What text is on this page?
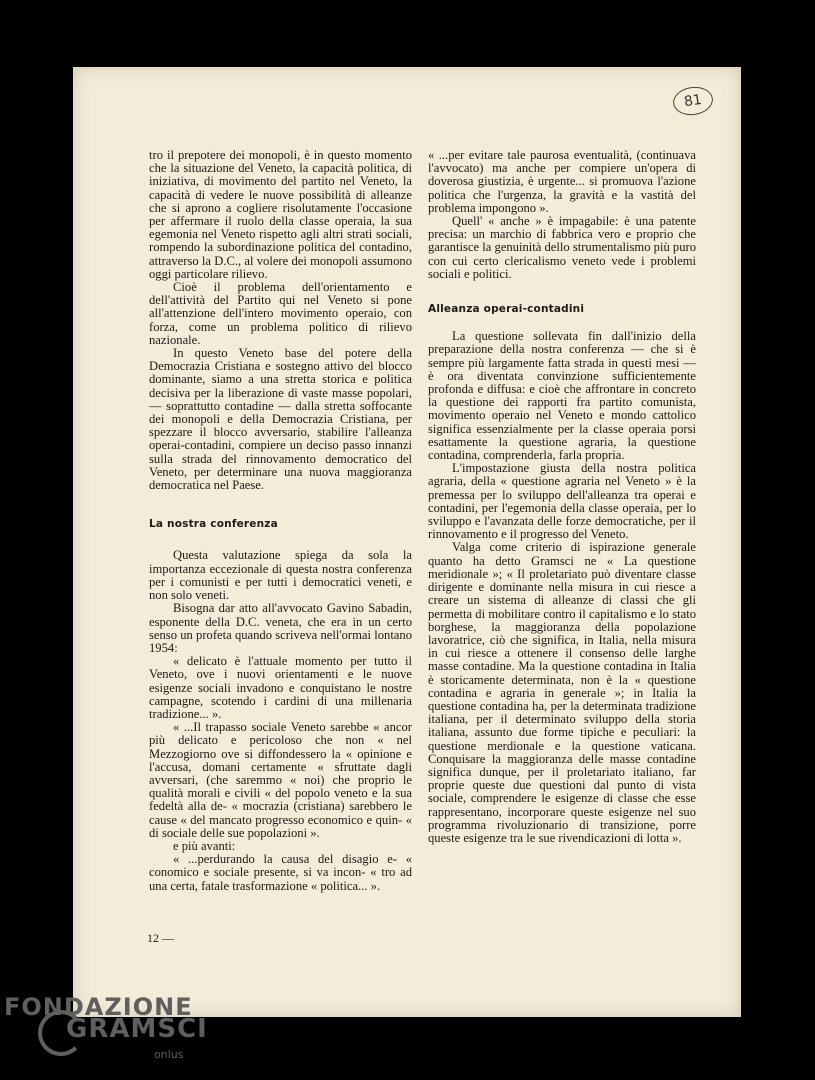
81

tro il prepotere dei monopoli, è in questo momento che la situazione del Veneto, la capacità politica, di iniziativa, di movimento del partito nel Veneto, la capacità di vedere le nuove possibilità di alleanze che si aprono a cogliere risolutamente l'occasione per affermare il ruolo della classe operaia, la sua egemonia nel Veneto rispetto agli altri strati sociali, rompendo la subordinazione politica del contadino, attraverso la D.C., al volere dei monopoli assumono oggi particolare rilievo.

Cioè il problema dell'orientamento e dell'attività del Partito qui nel Veneto si pone all'attenzione dell'intero movimento operaio, con forza, come un problema politico di rilievo nazionale.

In questo Veneto base del potere della Democrazia Cristiana e sostegno attivo del blocco dominante, siamo a una stretta storica e politica decisiva per la liberazione di vaste masse popolari, — soprattutto contadine — dalla stretta soffocante dei monopoli e della Democrazia Cristiana, per spezzare il blocco avversario, stabilire l'alleanza operai-contadini, compiere un deciso passo innanzi sulla strada del rinnovamento democratico del Veneto, per determinare una nuova maggioranza democratica nel Paese.

La nostra conferenza

Questa valutazione spiega da sola la importanza eccezionale di questa nostra conferenza per i comunisti e per tutti i democratici veneti, e non solo veneti.

Bisogna dar atto all'avvocato Gavino Sabadin, esponente della D.C. veneta, che era in un certo senso un profeta quando scriveva nell'ormai lontano 1954:

« delicato è l'attuale momento per tutto il Veneto, ove i nuovi orientamenti e le nuove esigenze sociali invadono e conquistano le nostre campagne, scotendo i cardini di una millenaria tradizione... ».

« ...Il trapasso sociale Veneto sarebbe « ancor più delicato e pericoloso che non « nel Mezzogiorno ove si diffondessero la « opinione e l'accusa, domani certamente « sfruttate dagli avversari, (che saremmo « noi) che proprio le qualità morali e civili « del popolo veneto e la sua fedeltà alla de- « mocrazia (cristiana) sarebbero le cause « del mancato progresso economico e quin- « di sociale delle sue popolazioni ».

e più avanti:

« ...perdurando la causa del disagio e- « conomico e sociale presente, si va incon- « tro ad una certa, fatale trasformazione « politica... ».

« ...per evitare tale paurosa eventualità, (continuava l'avvocato) ma anche per compiere un'opera di doverosa giustizia, è urgente... si promuova l'azione politica che l'urgenza, la gravità e la vastità del problema impongono ».

Quell' « anche » è impagabile: è una patente precisa: un marchio di fabbrica vero e proprio che garantisce la genuinità dello strumentalismo più puro con cui certo clericalismo veneto vede i problemi sociali e politici.

Alleanza operai-contadini

La questione sollevata fin dall'inizio della preparazione della nostra conferenza — che si è sempre più largamente fatta strada in questi mesi — è ora diventata convinzione sufficientemente profonda e diffusa: e cioè che affrontare in concreto la questione dei rapporti fra partito comunista, movimento operaio nel Veneto e mondo cattolico significa essenzialmente per la classe operaia porsi esattamente la questione agraria, la questione contadina, comprenderla, farla propria.

L'impostazione giusta della nostra politica agraria, della « questione agraria nel Veneto » è la premessa per lo sviluppo dell'alleanza tra operai e contadini, per l'egemonia della classe operaia, per lo sviluppo e l'avanzata delle forze democratiche, per il rinnovamento e il progresso del Veneto.

Valga come criterio di ispirazione generale quanto ha detto Gramsci ne « La questione meridionale »; « Il proletariato può diventare classe dirigente e dominante nella misura in cui riesce a creare un sistema di alleanze di classi che gli permetta di mobilitare contro il capitalismo e lo stato borghese, la maggioranza della popolazione lavoratrice, ciò che significa, in Italia, nella misura in cui riesce a ottenere il consenso delle larghe masse contadine. Ma la questione contadina in Italia è storicamente determinata, non è la « questione contadina e agraria in generale »; in Italia la questione contadina ha, per la determinata tradizione italiana, per il determinato sviluppo della storia italiana, assunto due forme tipiche e peculiari: la questione merdionale e la questione vaticana. Conquisare la maggioranza delle masse contadine significa dunque, per il proletariato italiano, far proprie queste due questioni dal punto di vista sociale, comprendere le esigenze di classe che esse rappresentano, incorporare queste esigenze nel suo programma rivoluzionario di transizione, porre queste esigenze tra le sue rivendicazioni di lotta ».

12 —
FONDAZIONE
GRAMSCI
onlus
